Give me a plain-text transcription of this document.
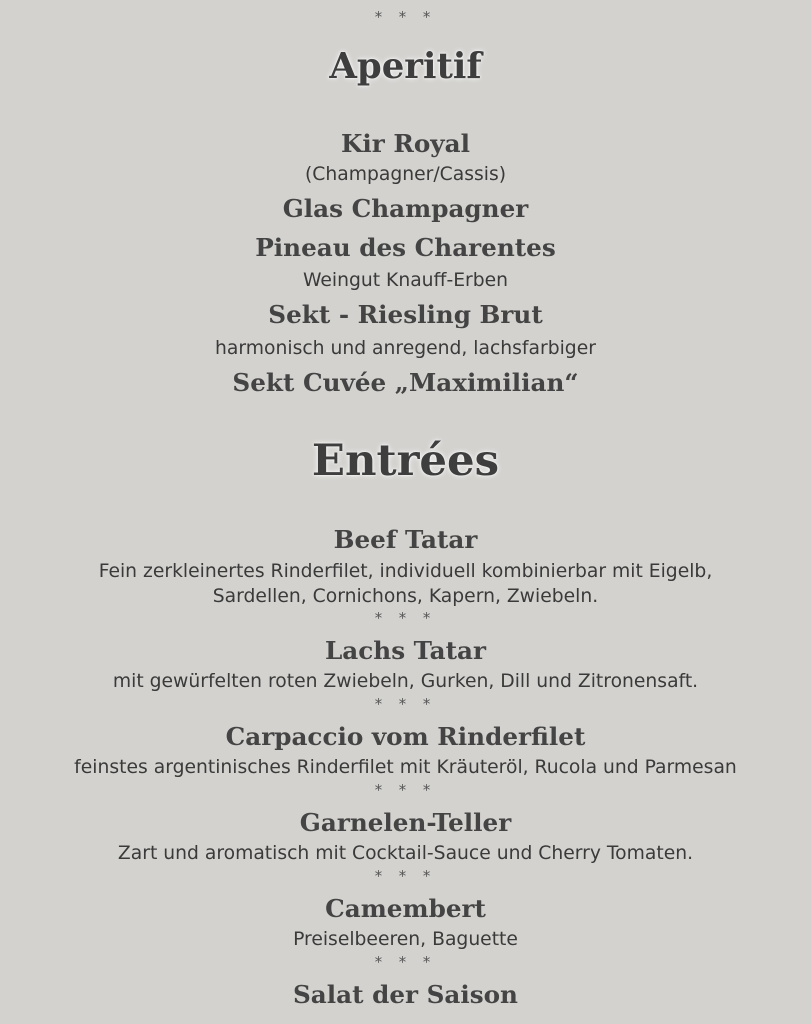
* * *
Aperitif
Kir Royal
(Champagner/Cassis)
Glas Champagner
Pineau des Charentes
Weingut Knauff-Erben
Sekt - Riesling Brut
harmonisch und anregend, lachsfarbiger
Sekt Cuvée „Maximilian“
Entrées
Beef Tatar
Fein zerkleinertes Rinderfilet, individuell kombinierbar mit Eigelb,
Sardellen, Cornichons, Kapern, Zwiebeln.
* * *
Lachs Tatar
mit gewürfelten roten Zwiebeln, Gurken, Dill und Zitronensaft.
* * *
Carpaccio vom Rinderfilet
feinstes argentinisches Rinderfilet mit Kräuteröl, Rucola und Parmesan
* * *
Garnelen-Teller
Zart und aromatisch mit Cocktail-Sauce und Cherry Tomaten.
* * *
Camembert
Preiselbeeren, Baguette
* * *
Salat der Saison
